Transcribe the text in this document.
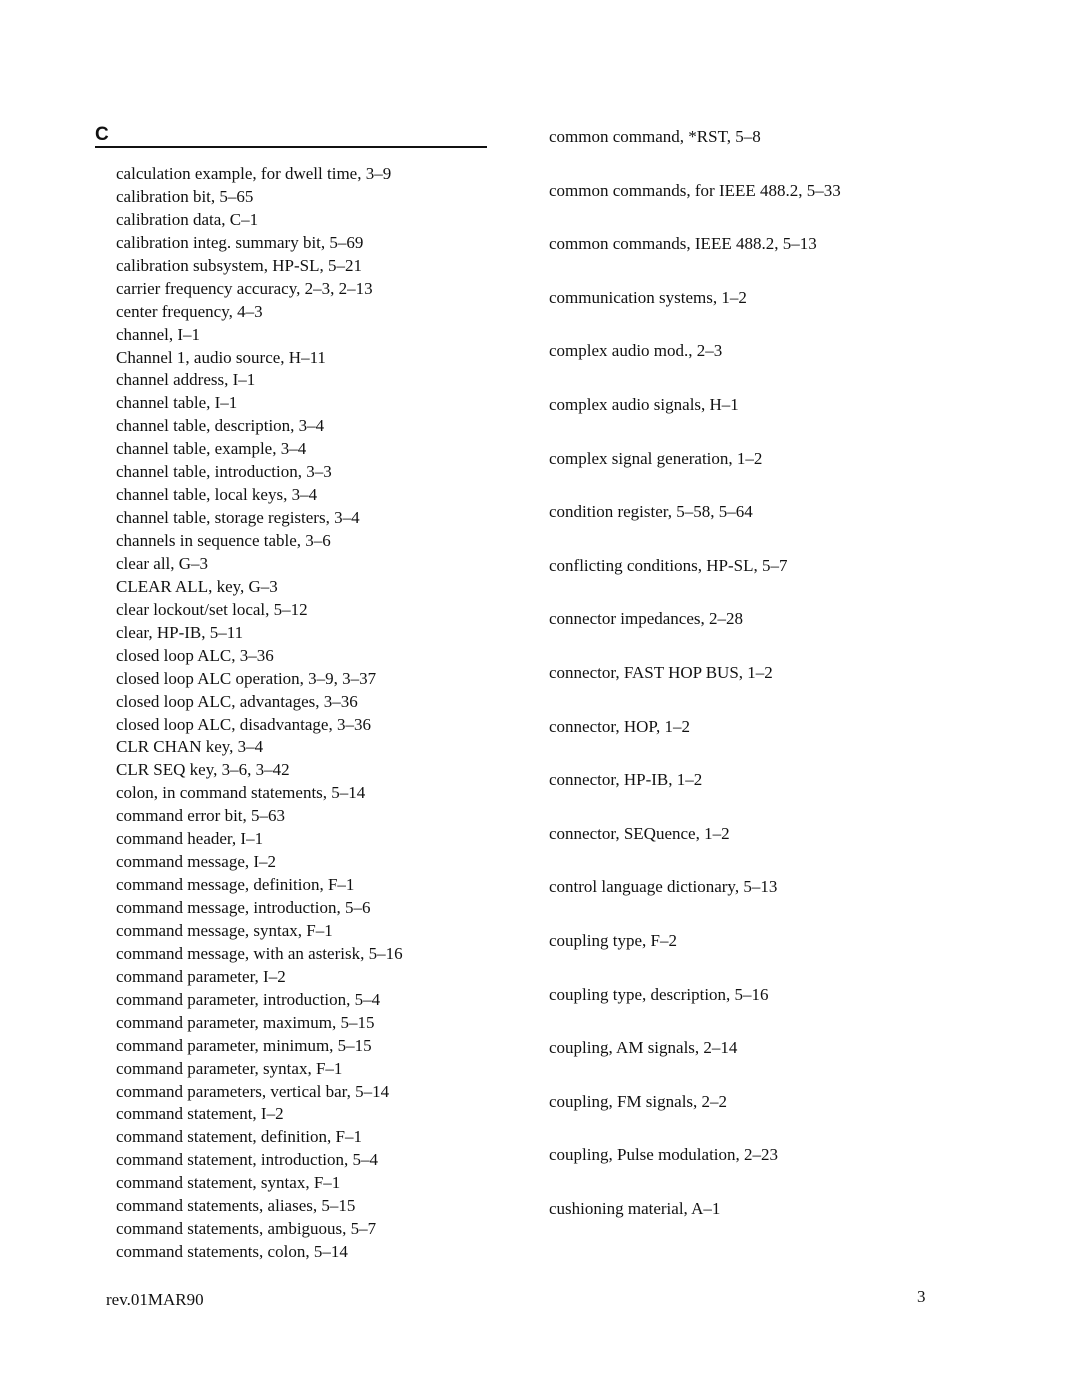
C
calculation example, for dwell time, 3–9
calibration bit, 5–65
calibration data, C–1
calibration integ. summary bit, 5–69
calibration subsystem, HP-SL, 5–21
carrier frequency accuracy, 2–3, 2–13
center frequency, 4–3
channel, I–1
Channel 1, audio source, H–11
channel address, I–1
channel table, I–1
channel table, description, 3–4
channel table, example, 3–4
channel table, introduction, 3–3
channel table, local keys, 3–4
channel table, storage registers, 3–4
channels in sequence table, 3–6
clear all, G–3
CLEAR ALL, key, G–3
clear lockout/set local, 5–12
clear, HP-IB, 5–11
closed loop ALC, 3–36
closed loop ALC operation, 3–9, 3–37
closed loop ALC, advantages, 3–36
closed loop ALC, disadvantage, 3–36
CLR CHAN key, 3–4
CLR SEQ key, 3–6, 3–42
colon, in command statements, 5–14
command error bit, 5–63
command header, I–1
command message, I–2
command message, definition, F–1
command message, introduction, 5–6
command message, syntax, F–1
command message, with an asterisk, 5–16
command parameter, I–2
command parameter, introduction, 5–4
command parameter, maximum, 5–15
command parameter, minimum, 5–15
command parameter, syntax, F–1
command parameters, vertical bar, 5–14
command statement, I–2
command statement, definition, F–1
command statement, introduction, 5–4
command statement, syntax, F–1
command statements, aliases, 5–15
command statements, ambiguous, 5–7
command statements, colon, 5–14
common command, *RST, 5–8
common commands, for IEEE 488.2, 5–33
common commands, IEEE 488.2, 5–13
communication systems, 1–2
complex audio mod., 2–3
complex audio signals, H–1
complex signal generation, 1–2
condition register, 5–58, 5–64
conflicting conditions, HP-SL, 5–7
connector impedances, 2–28
connector, FAST HOP BUS, 1–2
connector, HOP, 1–2
connector, HP-IB, 1–2
connector, SEQuence, 1–2
control language dictionary, 5–13
coupling type, F–2
coupling type, description, 5–16
coupling, AM signals, 2–14
coupling, FM signals, 2–2
coupling, Pulse modulation, 2–23
cushioning material, A–1
rev.01MAR90	3
